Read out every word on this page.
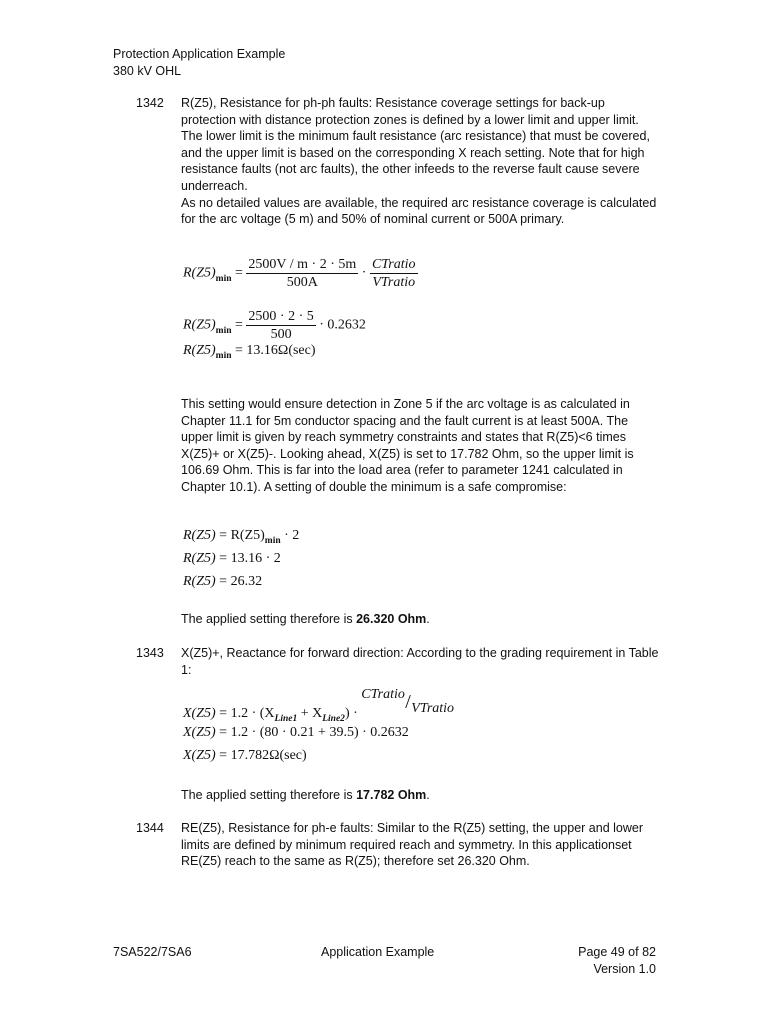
Protection Application Example
380 kV OHL
1342 R(Z5), Resistance for ph-ph faults: Resistance coverage settings for back-up protection with distance protection zones is defined by a lower limit and upper limit. The lower limit is the minimum fault resistance (arc resistance) that must be covered, and the upper limit is based on the corresponding X reach setting. Note that for high resistance faults (not arc faults), the other infeeds to the reverse fault cause severe underreach.

As no detailed values are available, the required arc resistance coverage is calculated for the arc voltage (5 m) and 50% of nominal current or 500A primary.

$R(Z5)_{min} = \frac{2500V / m \cdot 2 \cdot 5m}{500A} \cdot \frac{\text{CTratio}}{\text{VTratio}}$
$R(Z5)_{min} = \frac{2500 \cdot 2 \cdot 5}{500} \cdot 0.2632$
$R(Z5)_{min} = 13.16\Omega(\sec)$

This setting would ensure detection in Zone 5 if the arc voltage is as calculated in Chapter 11.1 for 5m conductor spacing and the fault current is at least 500A. The upper limit is given by reach symmetry constraints and states that R(Z5)<6 times X(Z5)+ or X(Z5)-. Looking ahead, X(Z5) is set to 17.782 Ohm, so the upper limit is 106.69 Ohm. This is far into the load area (refer to parameter 1241 calculated in Chapter 10.1). A setting of double the minimum is a safe compromise:

$R(Z5) = R(Z5)_{min} \cdot 2$
R(Z5) = 13.16 · 2
R(Z5) = 26.32
The applied setting therefore is 26.320 Ohm.
1343 X(Z5)+, Reactance for forward direction: According to the grading requirement in Table 1:

$X(Z5) = 1.2 \cdot (X_{Line1} + X_{Line2})$ ·
CTratio / VTratio
X(Z5) = 1.2 · (80 · 0.21 + 39.5) · 0.2632
X(Z5) = 17.782Ω(sec)
The applied setting therefore is 17.782 Ohm.
1344 RE(Z5), Resistance for ph-e faults: Similar to the R(Z5) setting, the upper and lower limits are defined by minimum required reach and symmetry. In this applicationset RE(Z5) reach to the same as R(Z5); therefore set 26.320 Ohm.

7SA522/7SA6	Application Example	Page 49 of 82
Version 1.0
